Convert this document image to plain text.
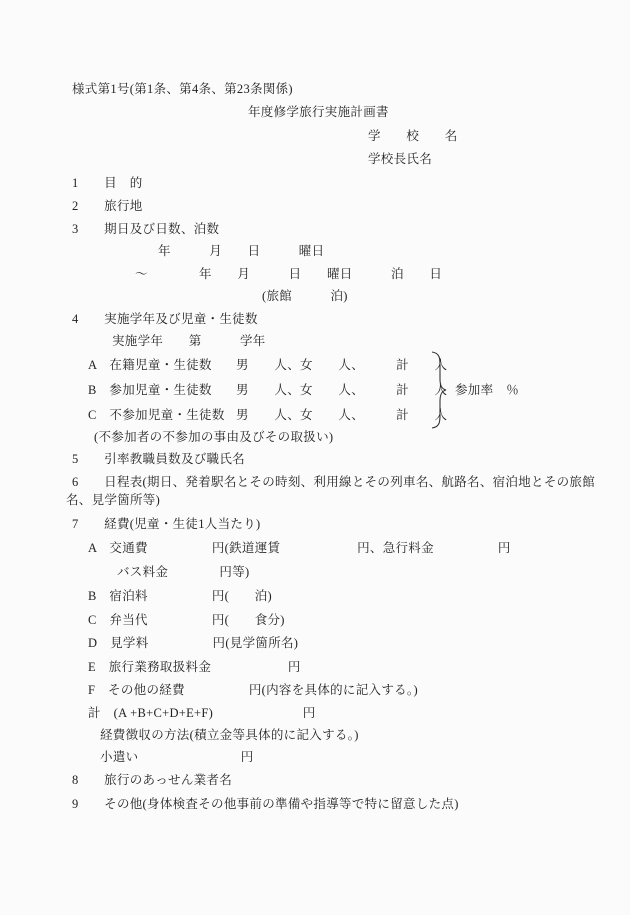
様式第1号(第1条、第4条、第23条関係)
年度修学旅行実施計画書
学　　校　　名
学校長氏名
1　　目　的
2　　旅行地
3　　期日及び日数、泊数
年　　　月　　日　　　曜日
～　　　　年　　月　　　日　　曜日　　　泊　　日
(旅館　　　泊)
4　　実施学年及び児童・生徒数
実施学年　　第　　　学年
A　在籍児童・生徒数 男　　人、女　　人、　　　計　　人
B　参加児童・生徒数 男　　人、女　　人、　　　計　　人
C　不参加児童・生徒数 男　　人、女　　人、　　　計　　人
参加率　％
(不参加者の不参加の事由及びその取扱い)
5　　引率教職員数及び職氏名
6　　日程表(期日、発着駅名とその時刻、利用線とその列車名、航路名、宿泊地とその旅館
名、見学箇所等)
7　　経費(児童・生徒1人当たり)
A　交通費　　　　　円(鉄道運賃　　　　　　円、急行料金　　　　　円
バス料金　　　　円等)
B　宿泊料　　　　　円(　　泊)
C　弁当代　　　　　円(　　食分)
D　見学料　　　　　円(見学箇所名)
E　旅行業務取扱料金　　　　　　円
F　その他の経費　　　　　円(内容を具体的に記入する。)
計　(A +B+C+D+E+F)　　　　　　　円
経費徴収の方法(積立金等具体的に記入する。)
小遣い　　　　　　　　円
8　　旅行のあっせん業者名
9　　その他(身体検査その他事前の準備や指導等で特に留意した点)
